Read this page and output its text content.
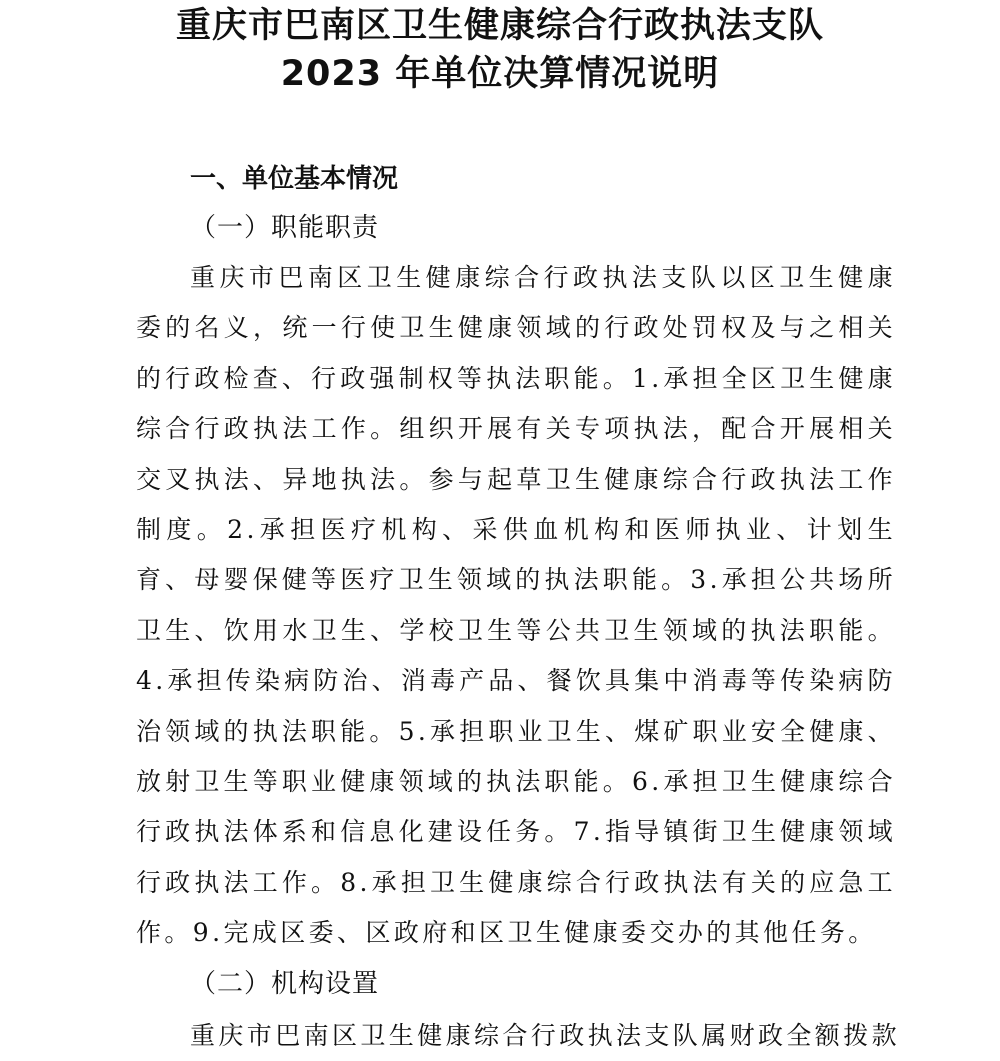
重庆市巴南区卫生健康综合行政执法支队
2023 年单位决算情况说明
一、单位基本情况
（一）职能职责

重庆市巴南区卫生健康综合行政执法支队以区卫生健康委的名义，统一行使卫生健康领域的行政处罚权及与之相关的行政检查、行政强制权等执法职能。1.承担全区卫生健康综合行政执法工作。组织开展有关专项执法，配合开展相关交叉执法、异地执法。参与起草卫生健康综合行政执法工作制度。2.承担医疗机构、采供血机构和医师执业、计划生育、母婴保健等医疗卫生领域的执法职能。3.承担公共场所卫生、饮用水卫生、学校卫生等公共卫生领域的执法职能。4.承担传染病防治、消毒产品、餐饮具集中消毒等传染病防治领域的执法职能。5.承担职业卫生、煤矿职业安全健康、放射卫生等职业健康领域的执法职能。6.承担卫生健康综合行政执法体系和信息化建设任务。7.指导镇街卫生健康领域行政执法工作。8.承担卫生健康综合行政执法有关的应急工作。9.完成区委、区政府和区卫生健康委交办的其他任务。

（二）机构设置

重庆市巴南区卫生健康综合行政执法支队属财政全额拨款
